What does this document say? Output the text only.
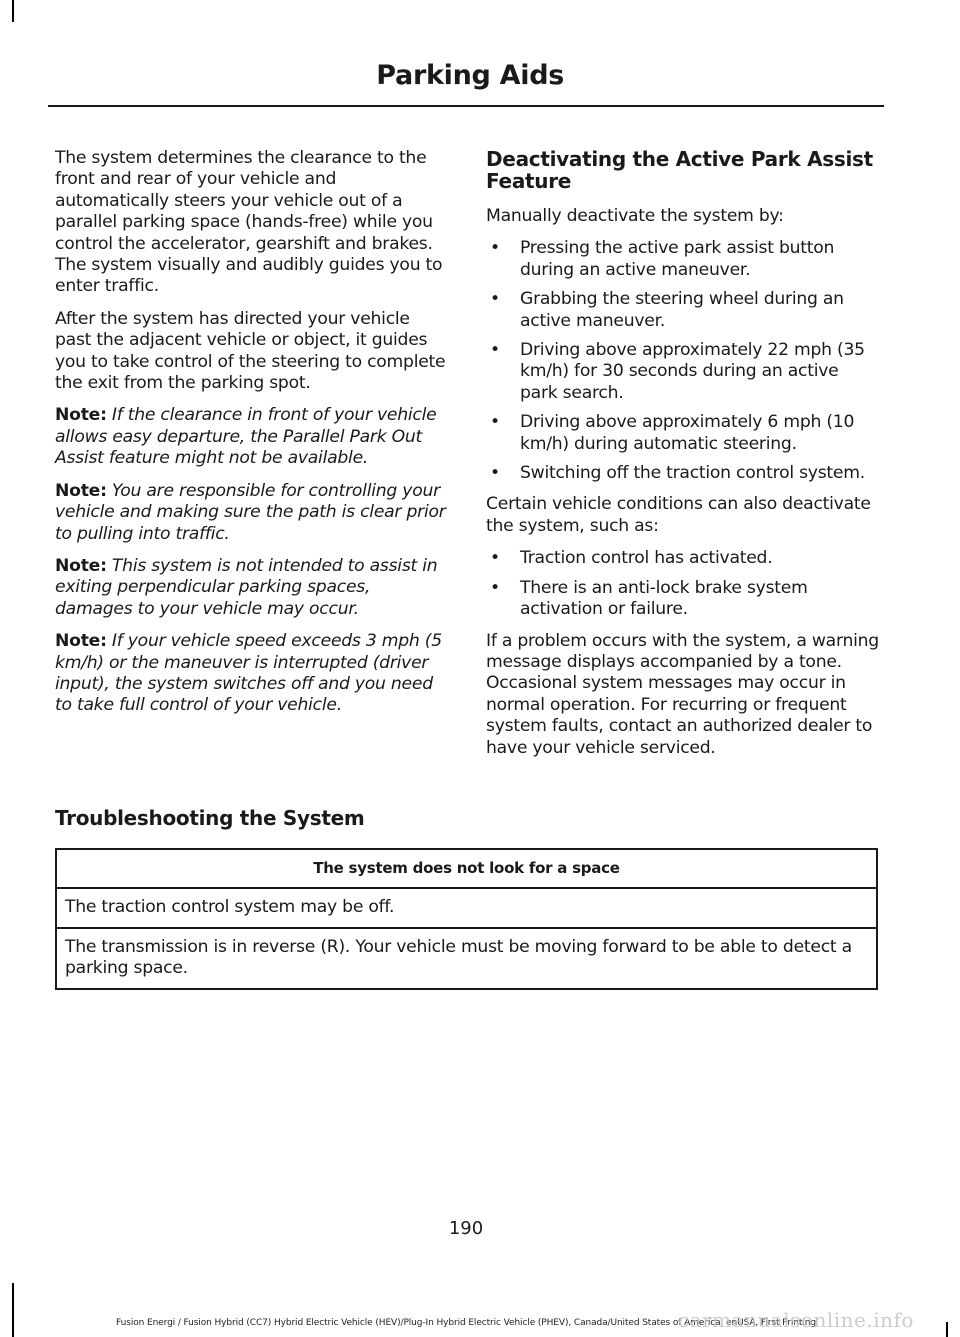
Parking Aids

The system determines the clearance to the front and rear of your vehicle and automatically steers your vehicle out of a parallel parking space (hands-free) while you control the accelerator, gearshift and brakes. The system visually and audibly guides you to enter traffic.

After the system has directed your vehicle past the adjacent vehicle or object, it guides you to take control of the steering to complete the exit from the parking spot.

Note: If the clearance in front of your vehicle allows easy departure, the Parallel Park Out Assist feature might not be available.

Note: You are responsible for controlling your vehicle and making sure the path is clear prior to pulling into traffic.

Note: This system is not intended to assist in exiting perpendicular parking spaces, damages to your vehicle may occur.

Note: If your vehicle speed exceeds 3 mph (5 km/h) or the maneuver is interrupted (driver input), the system switches off and you need to take full control of your vehicle.

Deactivating the Active Park Assist Feature

Manually deactivate the system by:

• Pressing the active park assist button during an active maneuver.
• Grabbing the steering wheel during an active maneuver.
• Driving above approximately 22 mph (35 km/h) for 30 seconds during an active park search.
• Driving above approximately 6 mph (10 km/h) during automatic steering.
• Switching off the traction control system.

Certain vehicle conditions can also deactivate the system, such as:

• Traction control has activated.
• There is an anti-lock brake system activation or failure.

If a problem occurs with the system, a warning message displays accompanied by a tone. Occasional system messages may occur in normal operation. For recurring or frequent system faults, contact an authorized dealer to have your vehicle serviced.

Troubleshooting the System
The system does not look for a space
The traction control system may be off.
The transmission is in reverse (R). Your vehicle must be moving forward to be able to detect a parking space.
190
Fusion Energi / Fusion Hybrid (CC7) Hybrid Electric Vehicle (HEV)/Plug-In Hybrid Electric Vehicle (PHEV), Canada/United States of America, enUSA, First Printing
carmanualsonline.info
